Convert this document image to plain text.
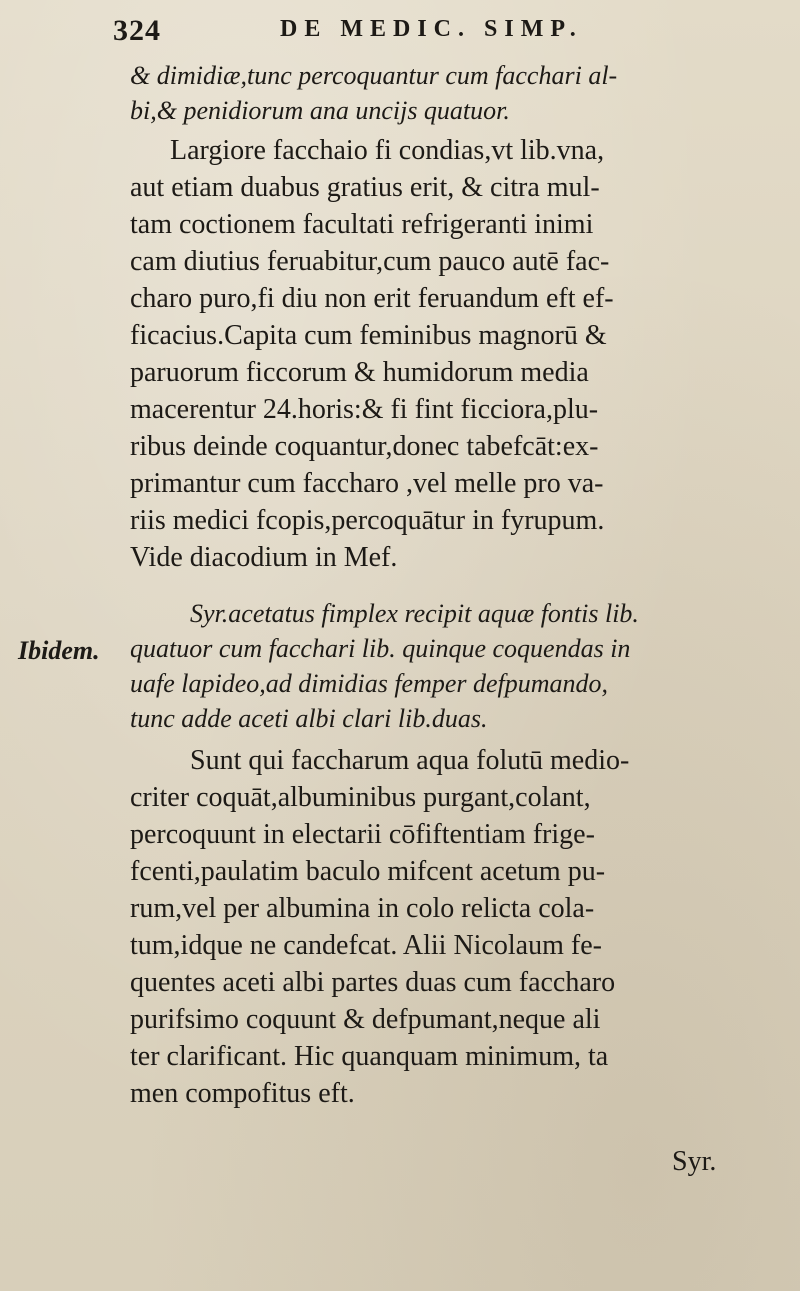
324	DE MEDIC. SIMP.
Ibidem.
& dimidiæ,tunc percoquantur cum facchari al-
bi,& penidiorum ana uncijs quatuor.
Largiore facchaio fi condias,vt lib.vna,
aut etiam duabus gratius erit, & citra mul-
tam coctionem facultati refrigeranti inimi
cam diutius feruabitur,cum pauco autē fac-
charo puro,fi diu non erit feruandum eft ef-
ficacius.Capita cum feminibus magnorū &
paruorum ficcorum & humidorum media
macerentur 24.horis:& fi fint ficciora,plu-
ribus deinde coquantur,donec tabefcāt:ex-
primantur cum faccharo ,vel melle pro va-
riis medici fcopis,percoquātur in fyrupum.
Vide diacodium in Mef.
Syr.acetatus fimplex recipit aquæ fontis lib.
quatuor cum facchari lib. quinque coquendas in
uafe lapideo,ad dimidias femper defpumando,
tunc adde aceti albi clari lib.duas.
Sunt qui faccharum aqua folutū medio-
criter coquāt,albuminibus purgant,colant,
percoquunt in electarii cōfiftentiam frige-
fcenti,paulatim baculo mifcent acetum pu-
rum,vel per albumina in colo relicta cola-
tum,idque ne candefcat. Alii Nicolaum fe-
quentes aceti albi partes duas cum faccharo
purifsimo coquunt & defpumant,neque ali
ter clarificant. Hic quanquam minimum, ta
men compofitus eft.
Syr.
